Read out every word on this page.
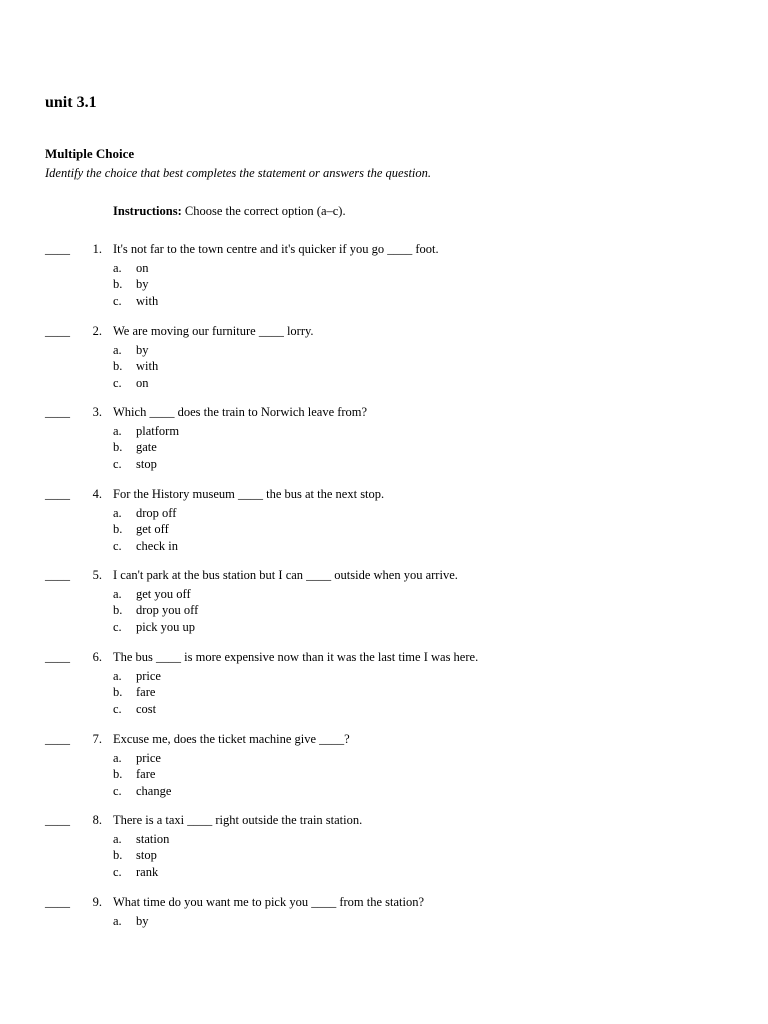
unit 3.1
Multiple Choice
Identify the choice that best completes the statement or answers the question.
Instructions: Choose the correct option (a–c).
____	1. It's not far to the town centre and it's quicker if you go ____ foot.
a. on
b. by
c. with
____	2. We are moving our furniture ____ lorry.
a. by
b. with
c. on
____	3. Which ____ does the train to Norwich leave from?
a. platform
b. gate
c. stop
____	4. For the History museum ____ the bus at the next stop.
a. drop off
b. get off
c. check in
____	5. I can't park at the bus station but I can ____ outside when you arrive.
a. get you off
b. drop you off
c. pick you up
____	6. The bus ____ is more expensive now than it was the last time I was here.
a. price
b. fare
c. cost
____	7. Excuse me, does the ticket machine give ____?
a. price
b. fare
c. change
____	8. There is a taxi ____ right outside the train station.
a. station
b. stop
c. rank
____	9. What time do you want me to pick you ____ from the station?
a. by
